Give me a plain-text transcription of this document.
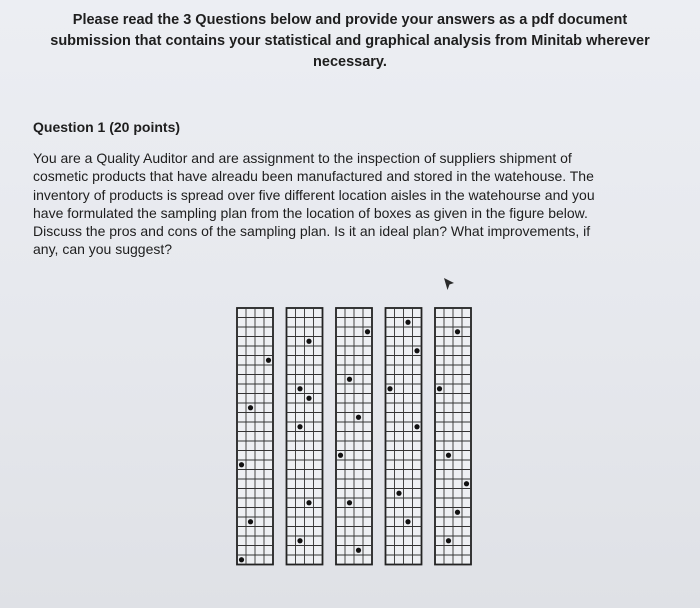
Please read the 3 Questions below and provide your answers as a pdf document

submission that contains your statistical and graphical analysis from Minitab wherever

necessary.

Question 1 (20 points)

You are a Quality Auditor and are assignment to the inspection of suppliers shipment of

cosmetic products that have alreadu been manufactured and stored in the watehouse. The

inventory of products is spread over five different location aisles in the watehourse and you

have formulated the sampling plan from the location of boxes as given in the figure below.

Discuss the pros and cons of the sampling plan. Is it an ideal plan? What improvements, if

any, can you suggest?
